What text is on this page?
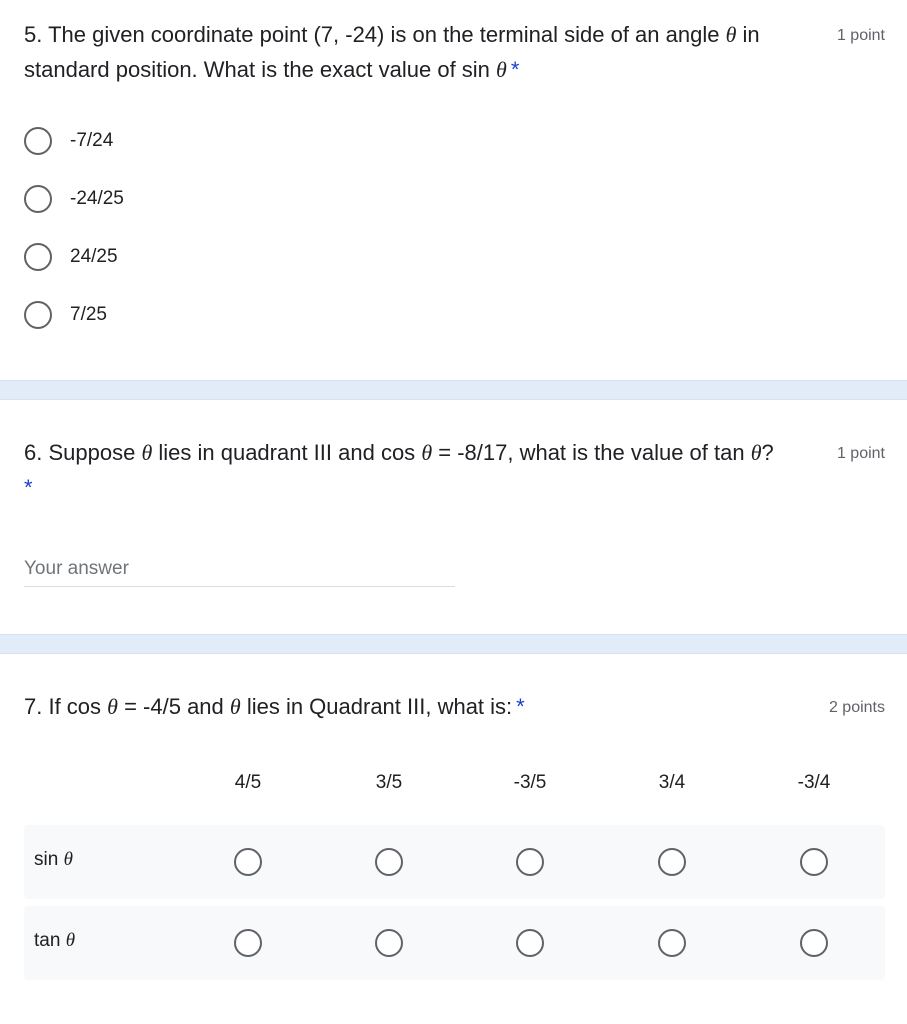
5. The given coordinate point (7, -24) is on the terminal side of an angle θ in standard position. What is the exact value of sin θ *
1 point
-7/24
-24/25
24/25
7/25
6. Suppose θ lies in quadrant III and cos θ = -8/17, what is the value of tan θ?
*
1 point
Your answer
7. If cos θ = -4/5 and θ lies in Quadrant III, what is: *	2 points
4/5	3/5	-3/5	3/4	-3/4
sin θ
tan θ
